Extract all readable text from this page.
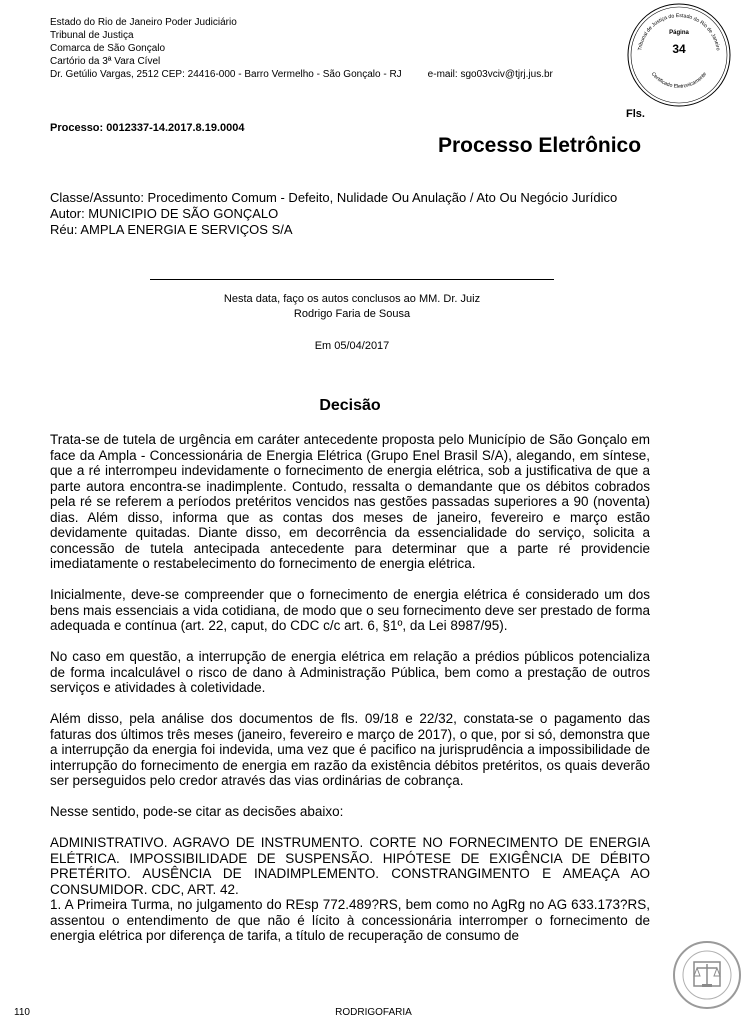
Estado do Rio de Janeiro Poder Judiciário
Tribunal de Justiça
Comarca de São Gonçalo
Cartório da 3ª Vara Cível
Dr. Getúlio Vargas, 2512 CEP: 24416-000 - Barro Vermelho - São Gonçalo - RJ	e-mail: sgo03vciv@tjrj.jus.br
Tribunal de Justiça do Estado do Rio de Janeiro
Certificado Eletronicamente
Página
34
Fls.
Processo: 0012337-14.2017.8.19.0004
Processo Eletrônico
Classe/Assunto: Procedimento Comum - Defeito, Nulidade Ou Anulação / Ato Ou Negócio Jurídico
Autor: MUNICIPIO DE SÃO GONÇALO
Réu: AMPLA ENERGIA E SERVIÇOS S/A
Nesta data, faço os autos conclusos ao MM. Dr. Juiz
Rodrigo Faria de Sousa
Em 05/04/2017
Decisão

Trata-se de tutela de urgência em caráter antecedente proposta pelo Município de São Gonçalo em face da Ampla - Concessionária de Energia Elétrica (Grupo Enel Brasil S/A), alegando, em síntese, que a ré interrompeu indevidamente o fornecimento de energia elétrica, sob a justificativa de que a parte autora encontra-se inadimplente. Contudo, ressalta o demandante que os débitos cobrados pela ré se referem a períodos pretéritos vencidos nas gestões passadas superiores a 90 (noventa) dias. Além disso, informa que as contas dos meses de janeiro, fevereiro e março estão devidamente quitadas. Diante disso, em decorrência da essencialidade do serviço, solicita a concessão de tutela antecipada antecedente para determinar que a parte ré providencie imediatamente o restabelecimento do fornecimento de energia elétrica.

Inicialmente, deve-se compreender que o fornecimento de energia elétrica é considerado um dos bens mais essenciais a vida cotidiana, de modo que o seu fornecimento deve ser prestado de forma adequada e contínua (art. 22, caput, do CDC c/c art. 6, §1º, da Lei 8987/95).

No caso em questão, a interrupção de energia elétrica em relação a prédios públicos potencializa de forma incalculável o risco de dano à Administração Pública, bem como a prestação de outros serviços e atividades à coletividade.

Além disso, pela análise dos documentos de fls. 09/18 e 22/32, constata-se o pagamento das faturas dos últimos três meses (janeiro, fevereiro e março de 2017), o que, por si só, demonstra que a interrupção da energia foi indevida, uma vez que é pacifico na jurisprudência a impossibilidade de interrupção do fornecimento de energia em razão da existência débitos pretéritos, os quais deverão ser perseguidos pelo credor através das vias ordinárias de cobrança.

Nesse sentido, pode-se citar as decisões abaixo:

ADMINISTRATIVO. AGRAVO DE INSTRUMENTO. CORTE NO FORNECIMENTO DE ENERGIA ELÉTRICA. IMPOSSIBILIDADE DE SUSPENSÃO. HIPÓTESE DE EXIGÊNCIA DE DÉBITO PRETÉRITO. AUSÊNCIA DE INADIMPLEMENTO. CONSTRANGIMENTO E AMEAÇA AO CONSUMIDOR. CDC, ART. 42.

1. A Primeira Turma, no julgamento do REsp 772.489?RS, bem como no AgRg no AG 633.173?RS, assentou o entendimento de que não é lícito à concessionária interromper o fornecimento de energia elétrica por diferença de tarifa, a título de recuperação de consumo de

110	RODRIGOFARIA
